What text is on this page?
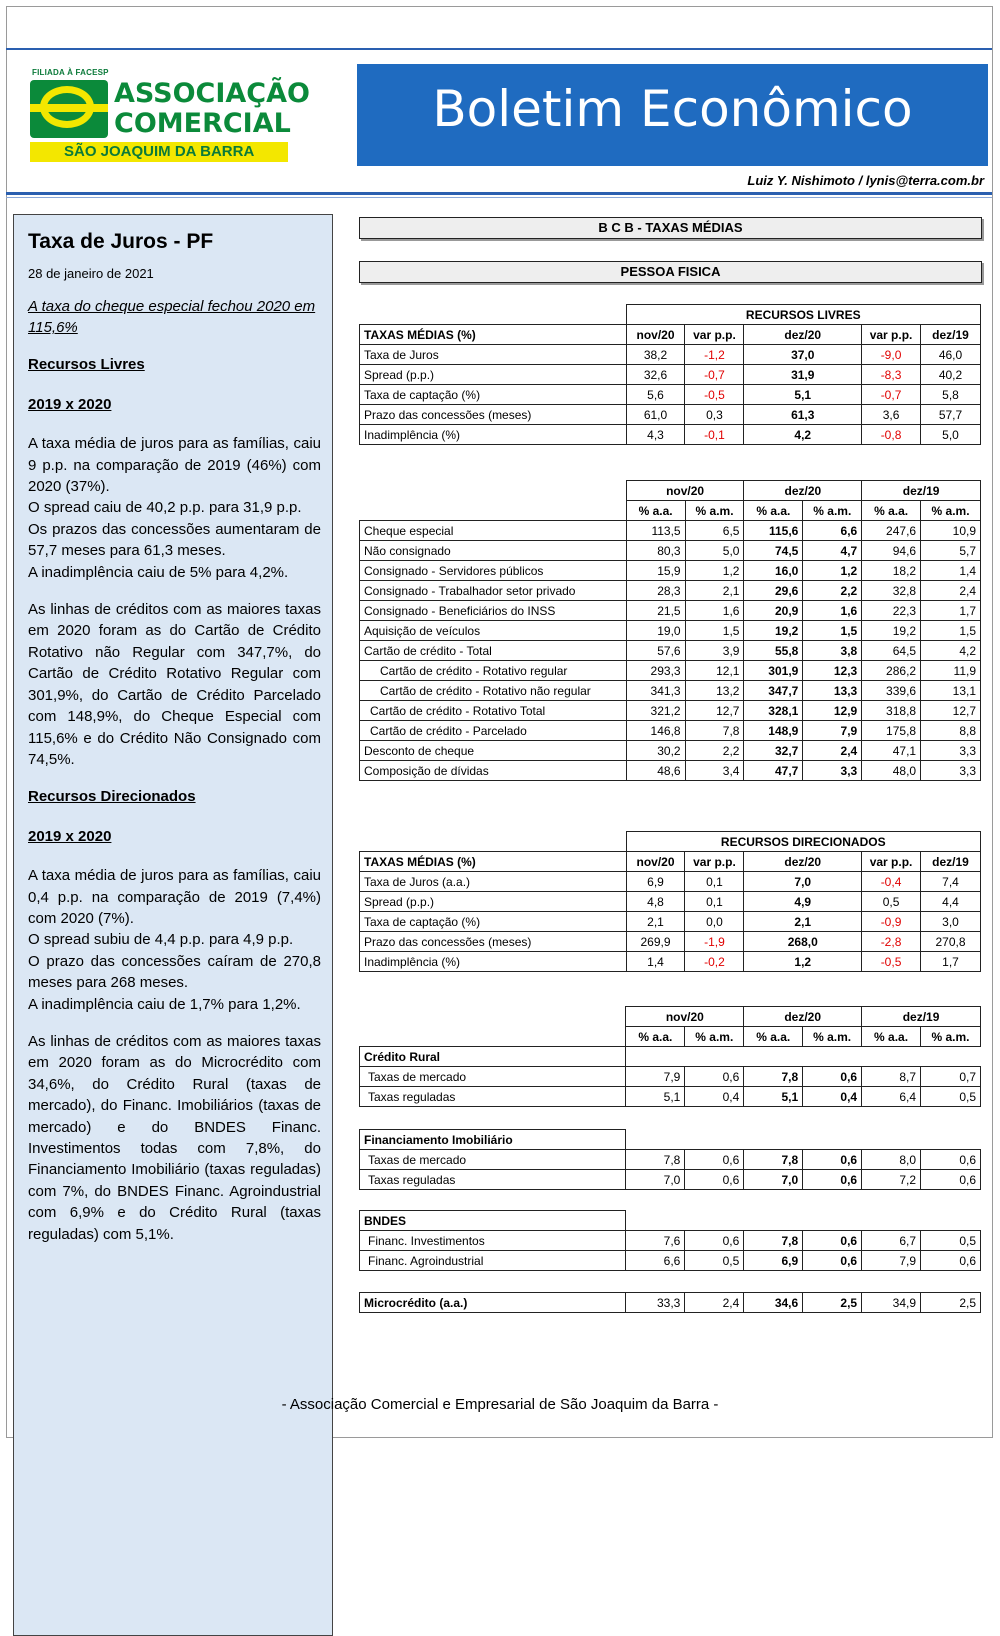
FILIADA À FACESP
ASSOCIAÇÃO
COMERCIAL
SÃO JOAQUIM DA BARRA
Boletim Econômico
Luiz Y. Nishimoto / lynis@terra.com.br
Taxa de Juros - PF
28 de janeiro de 2021
A taxa do cheque especial fechou 2020 em 115,6%
Recursos Livres
2019 x 2020

A taxa média de juros para as famílias, caiu 9 p.p. na comparação de 2019 (46%) com 2020 (37%).

O spread caiu de 40,2 p.p. para 31,9 p.p.

Os prazos das concessões aumentaram de 57,7 meses para 61,3 meses.

A inadimplência caiu de 5% para 4,2%.

As linhas de créditos com as maiores taxas em 2020 foram as do Cartão de Crédito Rotativo não Regular com 347,7%, do Cartão de Crédito Rotativo Regular com 301,9%, do Cartão de Crédito Parcelado com 148,9%, do Cheque Especial com 115,6% e do Crédito Não Consignado com 74,5%.

Recursos Direcionados
2019 x 2020

A taxa média de juros para as famílias, caiu 0,4 p.p. na comparação de 2019 (7,4%) com 2020 (7%).

O spread subiu de 4,4 p.p. para 4,9 p.p.

O prazo das concessões caíram de 270,8 meses para 268 meses.

A inadimplência caiu de 1,7% para 1,2%.

As linhas de créditos com as maiores taxas em 2020 foram as do Microcrédito com 34,6%, do Crédito Rural (taxas de mercado), do Financ. Imobiliários (taxas de mercado) e do BNDES Financ. Investimentos todas com 7,8%, do Financiamento Imobiliário (taxas reguladas) com 7%, do BNDES Financ. Agroindustrial com 6,9% e do Crédito Rural (taxas reguladas) com 5,1%.

B C B - TAXAS MÉDIAS
PESSOA FISICA
	RECURSOS LIVRES				
TAXAS MÉDIAS (%)	nov/20	var p.p.	dez/20	var p.p.	dez/19
Taxa de Juros	38,2	-1,2	37,0	-9,0	46,0
Spread (p.p.)	32,6	-0,7	31,9	-8,3	40,2
Taxa de captação (%)	5,6	-0,5	5,1	-0,7	5,8
Prazo das concessões (meses)	61,0	0,3	61,3	3,6	57,7
Inadimplência (%)	4,3	-0,1	4,2	-0,8	5,0
	nov/20		dez/20		dez/19	
	% a.a.	% a.m.	% a.a.	% a.m.	% a.a.	% a.m.
Cheque especial	113,5	6,5	115,6	6,6	247,6	10,9
Não consignado	80,3	5,0	74,5	4,7	94,6	5,7
Consignado - Servidores públicos	15,9	1,2	16,0	1,2	18,2	1,4
Consignado - Trabalhador setor privado	28,3	2,1	29,6	2,2	32,8	2,4
Consignado - Beneficiários do INSS	21,5	1,6	20,9	1,6	22,3	1,7
Aquisição de veículos	19,0	1,5	19,2	1,5	19,2	1,5
Cartão de crédito - Total	57,6	3,9	55,8	3,8	64,5	4,2
Cartão de crédito - Rotativo regular	293,3	12,1	301,9	12,3	286,2	11,9
Cartão de crédito - Rotativo não regular	341,3	13,2	347,7	13,3	339,6	13,1
Cartão de crédito - Rotativo Total	321,2	12,7	328,1	12,9	318,8	12,7
Cartão de crédito - Parcelado	146,8	7,8	148,9	7,9	175,8	8,8
Desconto de cheque	30,2	2,2	32,7	2,4	47,1	3,3
Composição de dívidas	48,6	3,4	47,7	3,3	48,0	3,3
	RECURSOS DIRECIONADOS				
TAXAS MÉDIAS (%)	nov/20	var p.p.	dez/20	var p.p.	dez/19
Taxa de Juros (a.a.)	6,9	0,1	7,0	-0,4	7,4
Spread (p.p.)	4,8	0,1	4,9	0,5	4,4
Taxa de captação (%)	2,1	0,0	2,1	-0,9	3,0
Prazo das concessões (meses)	269,9	-1,9	268,0	-2,8	270,8
Inadimplência (%)	1,4	-0,2	1,2	-0,5	1,7
	nov/20		dez/20		dez/19	
	% a.a.	% a.m.	% a.a.	% a.m.	% a.a.	% a.m.
Crédito Rural						
Taxas de mercado	7,9	0,6	7,8	0,6	8,7	0,7
Taxas reguladas	5,1	0,4	5,1	0,4	6,4	0,5

Financiamento Imobiliário						
Taxas de mercado	7,8	0,6	7,8	0,6	8,0	0,6
Taxas reguladas	7,0	0,6	7,0	0,6	7,2	0,6

BNDES						
Financ. Investimentos	7,6	0,6	7,8	0,6	6,7	0,5
Financ. Agroindustrial	6,6	0,5	6,9	0,6	7,9	0,6

Microcrédito (a.a.)	33,3	2,4	34,6	2,5	34,9	2,5
- Associação Comercial e Empresarial de São Joaquim da Barra -
